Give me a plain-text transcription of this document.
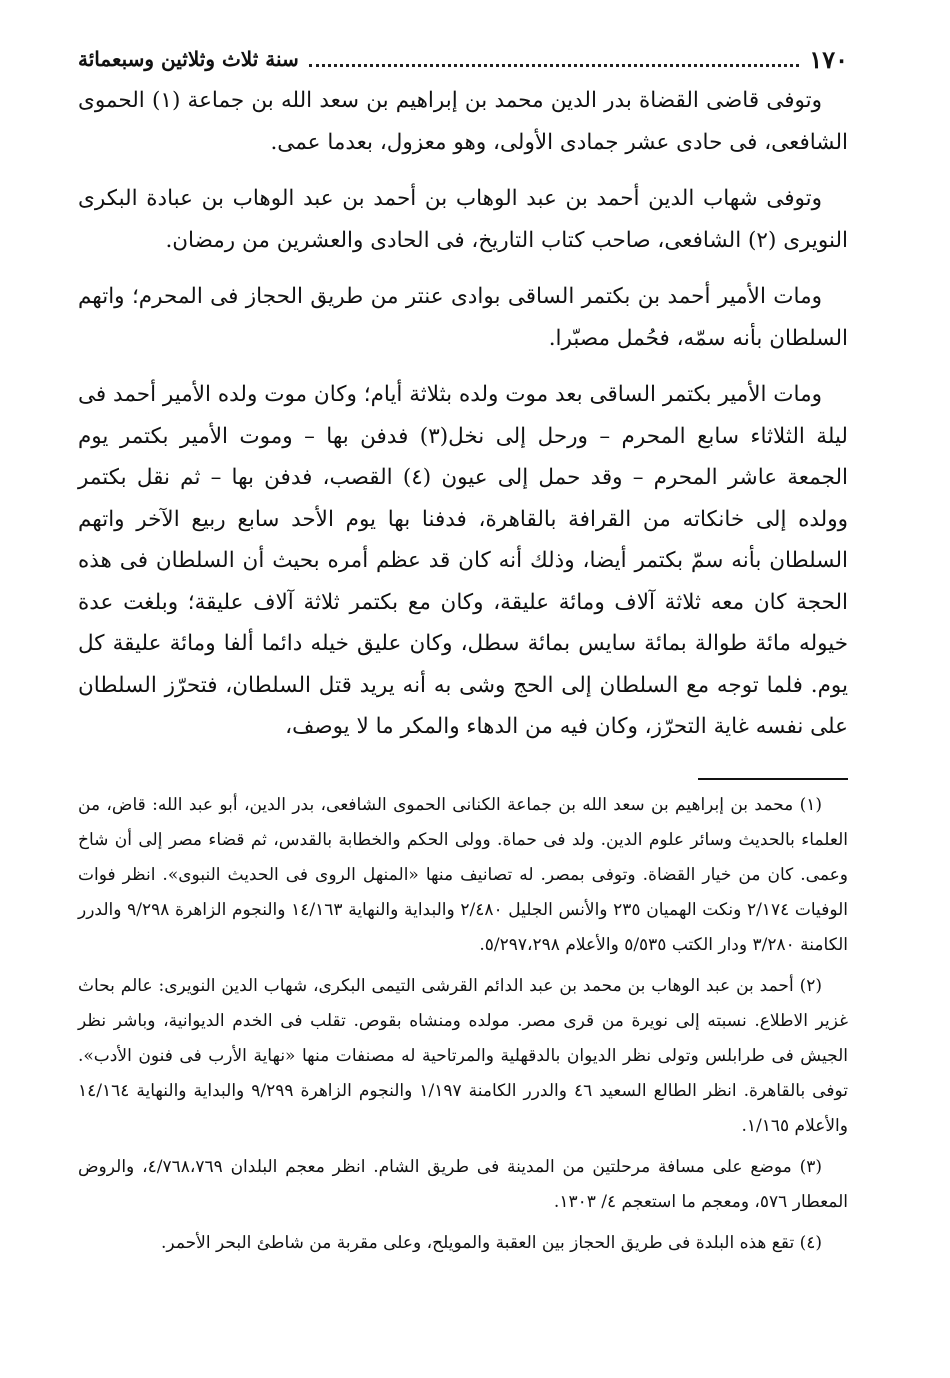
١٧٠
سنة ثلاث وثلاثين وسبعمائة

وتوفى قاضى القضاة بدر الدين محمد بن إبراهيم بن سعد الله بن جماعة (١) الحموى الشافعى، فى حادى عشر جمادى الأولى، وهو معزول، بعدما عمى.

وتوفى شهاب الدين أحمد بن عبد الوهاب بن أحمد بن عبد الوهاب بن عبادة البكرى النويرى (٢) الشافعى، صاحب كتاب التاريخ، فى الحادى والعشرين من رمضان.

ومات الأمير أحمد بن بكتمر الساقى بوادى عنتر من طريق الحجاز فى المحرم؛ واتهم السلطان بأنه سمّه، فحُمل مصبّرا.

ومات الأمير بكتمر الساقى بعد موت ولده بثلاثة أيام؛ وكان موت ولده الأمير أحمد فى ليلة الثلاثاء سابع المحرم – ورحل إلى نخل(٣) فدفن بها – وموت الأمير بكتمر يوم الجمعة عاشر المحرم – وقد حمل إلى عيون (٤) القصب، فدفن بها – ثم نقل بكتمر وولده إلى خانكاته من القرافة بالقاهرة، فدفنا بها يوم الأحد سابع ربيع الآخر واتهم السلطان بأنه سمّ بكتمر أيضا، وذلك أنه كان قد عظم أمره بحيث أن السلطان فى هذه الحجة كان معه ثلاثة آلاف ومائة عليقة، وكان مع بكتمر ثلاثة آلاف عليقة؛ وبلغت عدة خيوله مائة طوالة بمائة سايس بمائة سطل، وكان عليق خيله دائما ألفا ومائة عليقة كل يوم. فلما توجه مع السلطان إلى الحج وشى به أنه يريد قتل السلطان، فتحرّز السلطان على نفسه غاية التحرّز، وكان فيه من الدهاء والمكر ما لا يوصف،

(١) محمد بن إبراهيم بن سعد الله بن جماعة الكنانى الحموى الشافعى، بدر الدين، أبو عبد الله: قاض، من العلماء بالحديث وسائر علوم الدين. ولد فى حماة. وولى الحكم والخطابة بالقدس، ثم قضاء مصر إلى أن شاخ وعمى. كان من خيار القضاة. وتوفى بمصر. له تصانيف منها «المنهل الروى فى الحديث النبوى». انظر فوات الوفيات ٢/١٧٤ ونكت الهميان ٢٣٥ والأنس الجليل ٢/٤٨٠ والبداية والنهاية ١٤/١٦٣ والنجوم الزاهرة ٩/٢٩٨ والدرر الكامنة ٣/٢٨٠ ودار الكتب ٥/٥٣٥ والأعلام ٥/٢٩٧،٢٩٨.

(٢) أحمد بن عبد الوهاب بن محمد بن عبد الدائم القرشى التيمى البكرى، شهاب الدين النويرى: عالم بحاث غزير الاطلاع. نسبته إلى نويرة من قرى مصر. مولده ومنشاه بقوص. تقلب فى الخدم الديوانية، وباشر نظر الجيش فى طرابلس وتولى نظر الديوان بالدقهلية والمرتاحية له مصنفات منها «نهاية الأرب فى فنون الأدب». توفى بالقاهرة. انظر الطالع السعيد ٤٦ والدرر الكامنة ١/١٩٧ والنجوم الزاهرة ٩/٢٩٩ والبداية والنهاية ١٤/١٦٤ والأعلام ١/١٦٥.

(٣) موضع على مسافة مرحلتين من المدينة فى طريق الشام. انظر معجم البلدان ٤/٧٦٨،٧٦٩، والروض المعطار ٥٧٦، ومعجم ما استعجم ٤/ ١٣٠٣.

(٤) تقع هذه البلدة فى طريق الحجاز بين العقبة والمويلح، وعلى مقربة من شاطئ البحر الأحمر.
